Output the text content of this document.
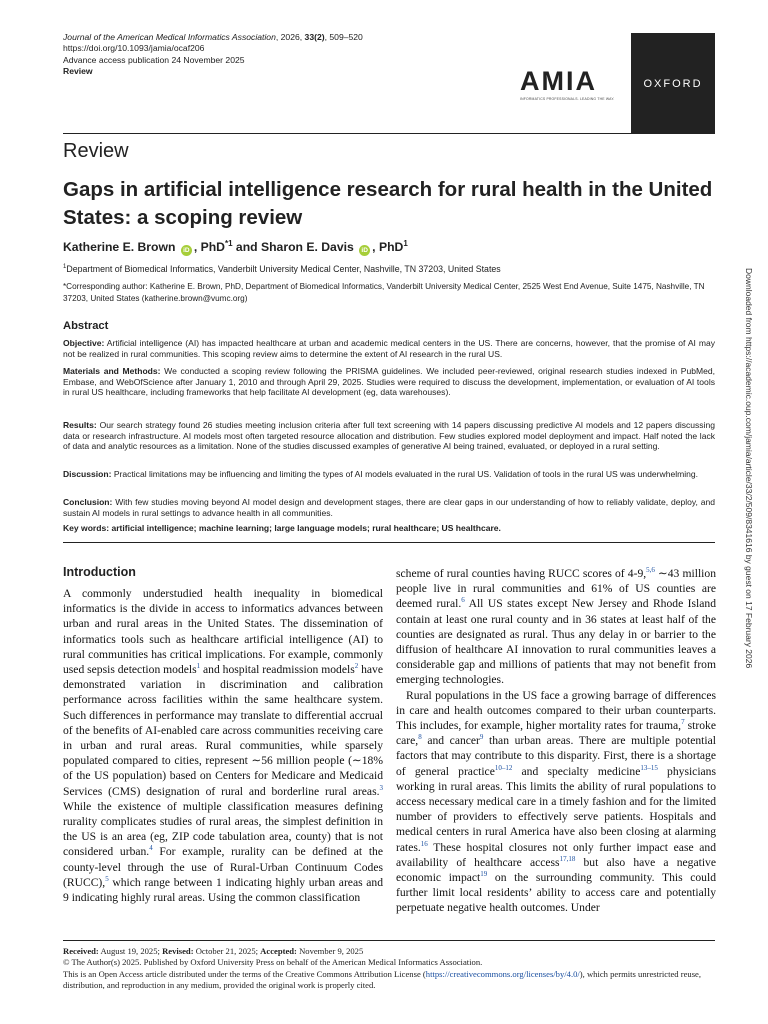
Journal of the American Medical Informatics Association, 2026, 33(2), 509–520
https://doi.org/10.1093/jamia/ocaf206
Advance access publication 24 November 2025
Review	AMIA
INFORMATICS PROFESSIONALS. LEADING THE WAY.
OXFORD
Review
Gaps in artificial intelligence research for rural health in the United States: a scoping review
Katherine E. Brown iD , PhD$^{*1}$ and Sharon E. Davis iD , PhD$^1$
$^1$Department of Biomedical Informatics, Vanderbilt University Medical Center, Nashville, TN 37203, United States
*Corresponding author: Katherine E. Brown, PhD, Department of Biomedical Informatics, Vanderbilt University Medical Center, 2525 West End Avenue, Suite 1475, Nashville, TN 37203, United States (katherine.brown@vumc.org)	Downloaded from https://academic.oup.com/jamia/article/33/2/509/8341616 by guest on 17 February 2026
Abstract
Objective: Artificial intelligence (AI) has impacted healthcare at urban and academic medical centers in the US. There are concerns, however, that the promise of AI may not be realized in rural communities. This scoping review aims to determine the extent of AI research in the rural US.
Materials and Methods: We conducted a scoping review following the PRISMA guidelines. We included peer-reviewed, original research studies indexed in PubMed, Embase, and WebOfScience after January 1, 2010 and through April 29, 2025. Studies were required to discuss the development, implementation, or evaluation of AI tools in rural US healthcare, including frameworks that help facilitate AI development (eg, data warehouses).
Results: Our search strategy found 26 studies meeting inclusion criteria after full text screening with 14 papers discussing predictive AI models and 12 papers discussing data or research infrastructure. AI models most often targeted resource allocation and distribution. Few studies explored model deployment and impact. Half noted the lack of data and analytic resources as a limitation. None of the studies discussed examples of generative AI being trained, evaluated, or deployed in a rural setting.
Discussion: Practical limitations may be influencing and limiting the types of AI models evaluated in the rural US. Validation of tools in the rural US was underwhelming.
Conclusion: With few studies moving beyond AI model design and development stages, there are clear gaps in our understanding of how to reliably validate, deploy, and sustain AI models in rural settings to advance health in all communities.
Key words: artificial intelligence; machine learning; large language models; rural healthcare; US healthcare.
Introduction

A commonly understudied health inequality in biomedical informatics is the divide in access to informatics advances between urban and rural areas in the United States. The dissemination of informatics tools such as healthcare artificial intelligence (AI) to rural communities has critical implications. For example, commonly used sepsis detection models$^1$ and hospital readmission models$^2$ have demonstrated variation in discrimination and calibration performance across facilities within the same healthcare system. Such differences in performance may translate to differential accrual of the benefits of AI-enabled care across communities receiving care in urban and rural areas. Rural communities, while sparsely populated compared to cities, represent ∼56 million people (∼18% of the US population) based on Centers for Medicare and Medicaid Services (CMS) designation of rural and borderline rural areas.$^3$ While the existence of multiple classification measures defining rurality complicates studies of rural areas, the simplest definition in the US is an area (eg, ZIP code tabulation area, county) that is not considered urban.$^4$ For example, rurality can be defined at the county-level through the use of Rural-Urban Continuum Codes (RUCC),$^5$ which range between 1 indicating highly urban areas and 9 indicating highly rural areas. Using the common classification

scheme of rural counties having RUCC scores of 4-9,$^{5,6}$ ∼43 million people live in rural communities and 61% of US counties are deemed rural.$^6$ All US states except New Jersey and Rhode Island contain at least one rural county and in 36 states at least half of the counties are designated as rural. Thus any delay in or barrier to the diffusion of healthcare AI innovation to rural communities leaves a considerable gap and millions of patients that may not benefit from emerging technologies.

Rural populations in the US face a growing barrage of differences in care and health outcomes compared to their urban counterparts. This includes, for example, higher mortality rates for trauma,$^7$ stroke care,$^8$ and cancer$^9$ than urban areas. There are multiple potential factors that may contribute to this disparity. First, there is a shortage of general practice$^{10-12}$ and specialty medicine$^{13-15}$ physicians working in rural areas. This limits the ability of rural populations to access necessary medical care in a timely fashion and for the limited number of providers to effectively serve patients. Hospitals and medical centers in rural America have also been closing at alarming rates.$^{16}$ These hospital closures not only further impact ease and availability of healthcare access$^{17,18}$ but also have a negative economic impact$^{19}$ on the surrounding community. This could further limit local residents’ ability to access care and potentially perpetuate negative health outcomes. Under

Received: August 19, 2025; Revised: October 21, 2025; Accepted: November 9, 2025
© The Author(s) 2025. Published by Oxford University Press on behalf of the American Medical Informatics Association.
This is an Open Access article distributed under the terms of the Creative Commons Attribution License (https://creativecommons.org/licenses/by/4.0/), which permits unrestricted reuse, distribution, and reproduction in any medium, provided the original work is properly cited.
